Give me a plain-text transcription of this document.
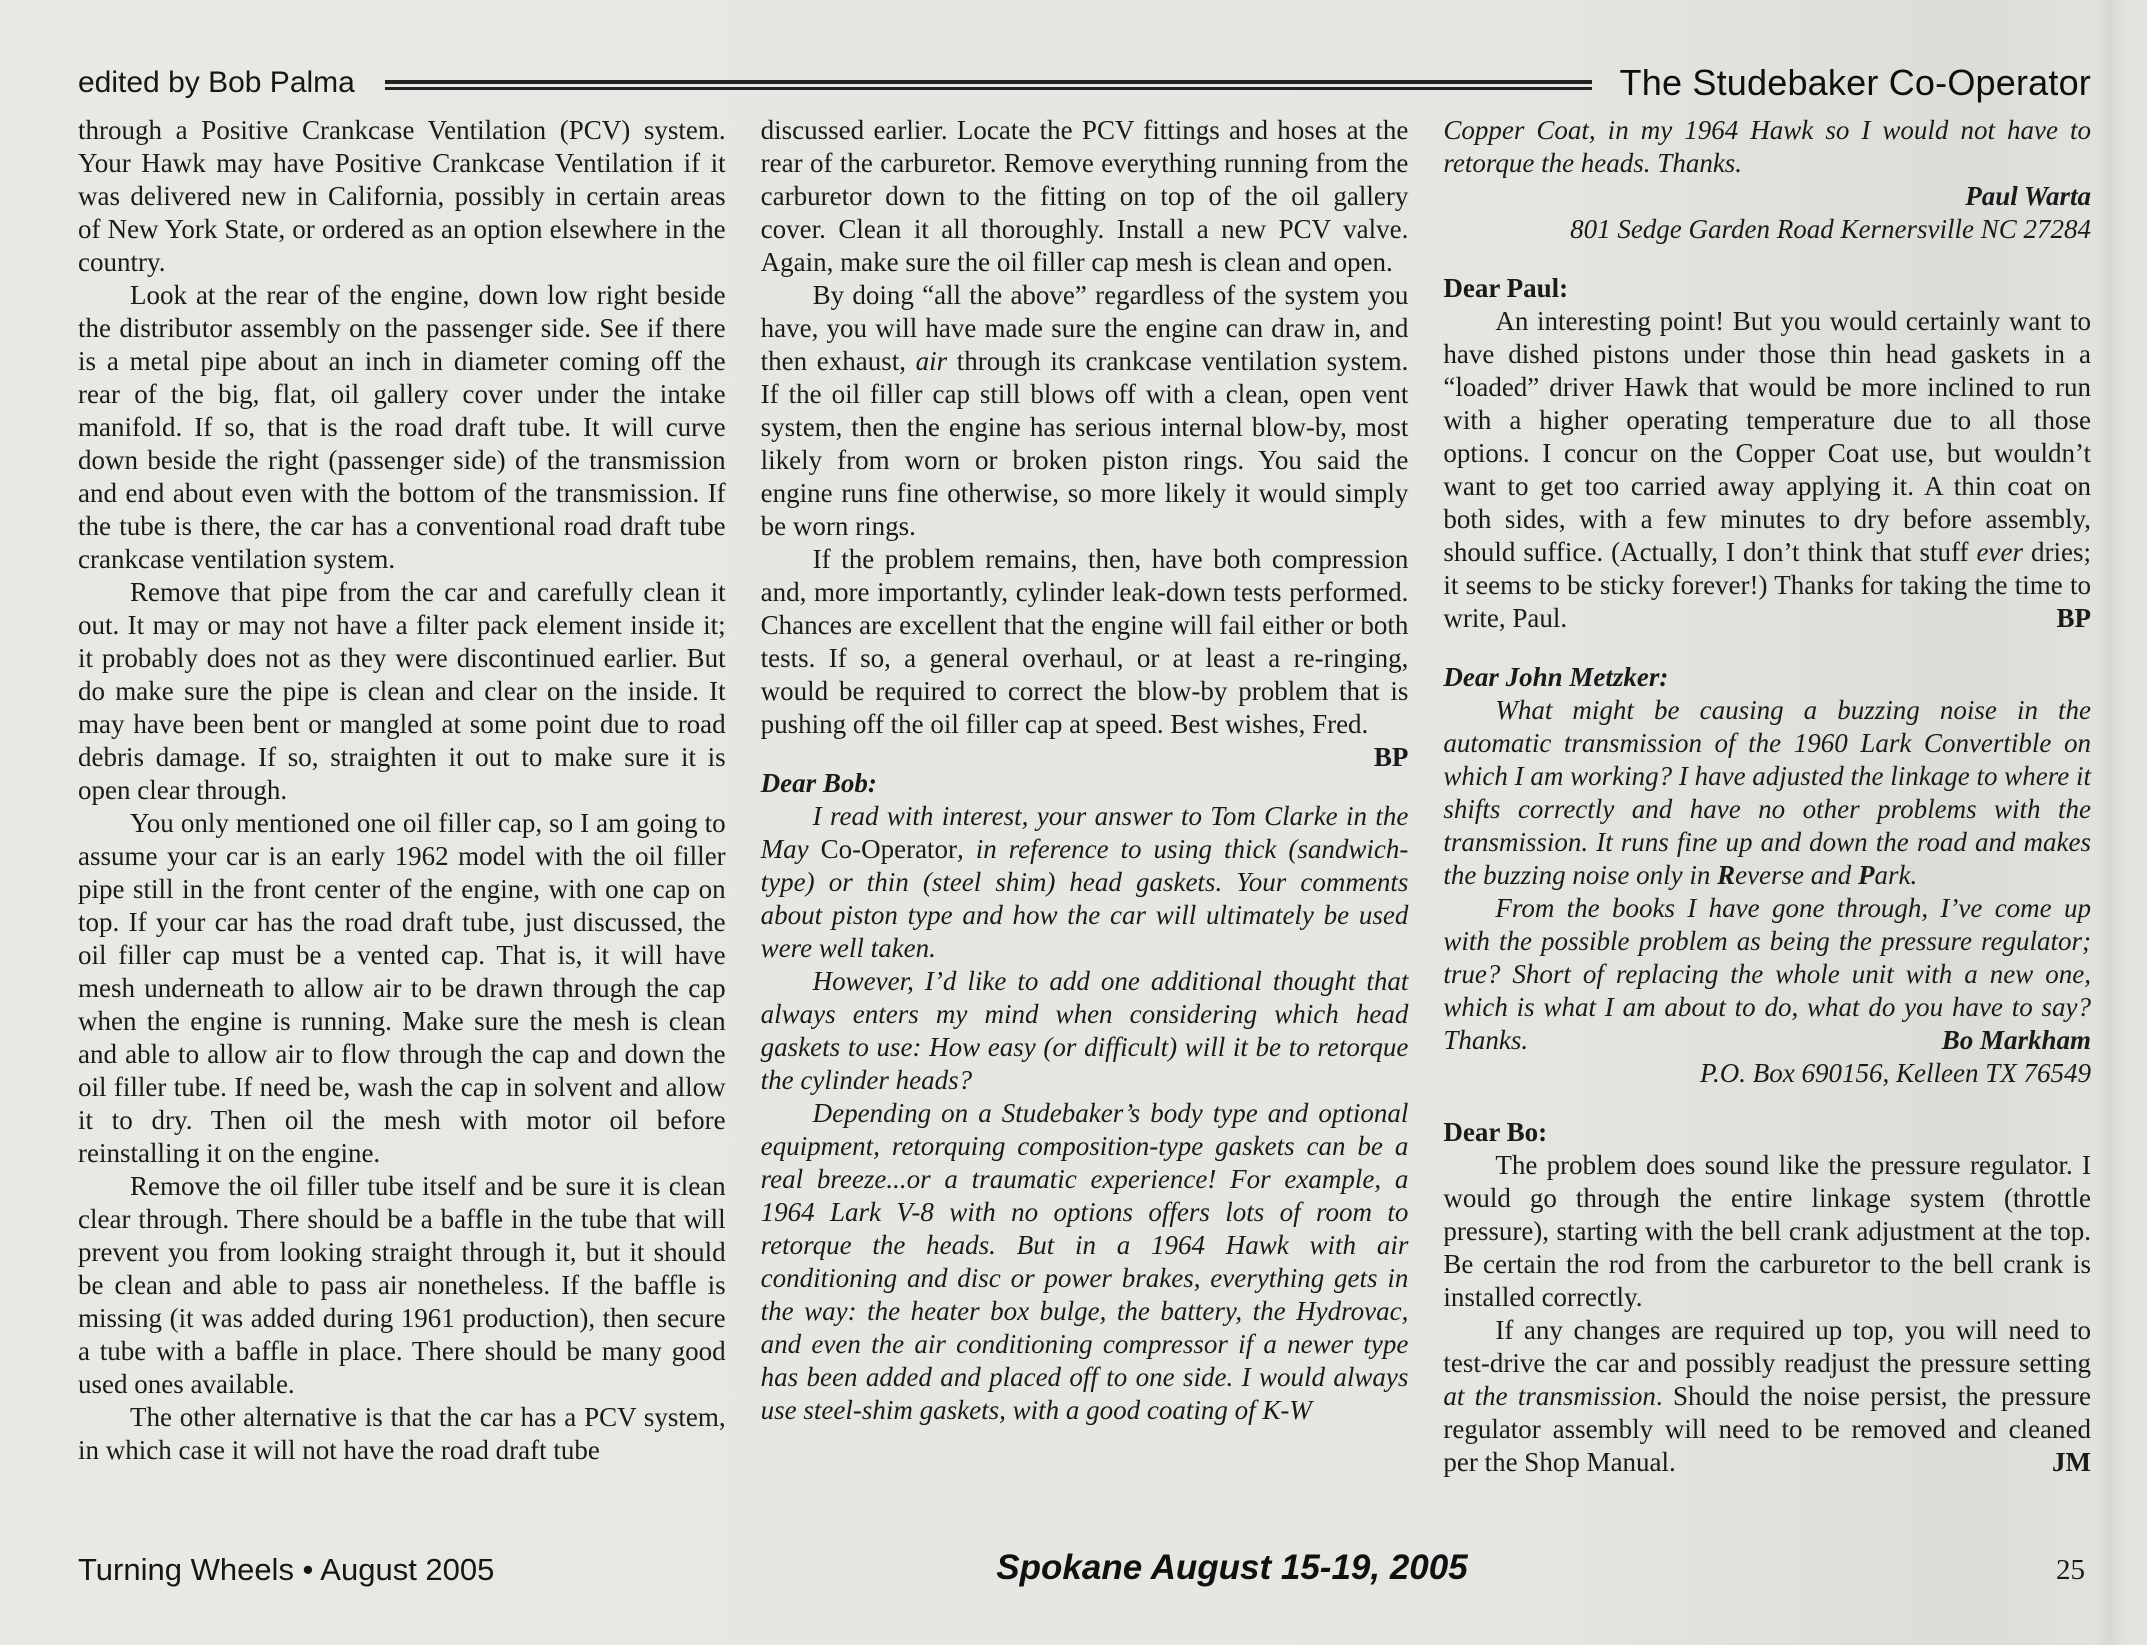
edited by Bob Palma	The Studebaker Co-Operator

through a Positive Crankcase Ventilation (PCV) system. Your Hawk may have Positive Crankcase Ventilation if it was delivered new in California, possibly in certain areas of New York State, or ordered as an option elsewhere in the country.

Look at the rear of the engine, down low right beside the distributor assembly on the passenger side. See if there is a metal pipe about an inch in diameter coming off the rear of the big, flat, oil gallery cover under the intake manifold. If so, that is the road draft tube. It will curve down beside the right (passenger side) of the transmission and end about even with the bottom of the transmission. If the tube is there, the car has a conventional road draft tube crankcase ventilation system.

Remove that pipe from the car and carefully clean it out. It may or may not have a filter pack element inside it; it probably does not as they were discontinued earlier. But do make sure the pipe is clean and clear on the inside. It may have been bent or mangled at some point due to road debris damage. If so, straighten it out to make sure it is open clear through.

You only mentioned one oil filler cap, so I am going to assume your car is an early 1962 model with the oil filler pipe still in the front center of the engine, with one cap on top. If your car has the road draft tube, just discussed, the oil filler cap must be a vented cap. That is, it will have mesh underneath to allow air to be drawn through the cap when the engine is running. Make sure the mesh is clean and able to allow air to flow through the cap and down the oil filler tube. If need be, wash the cap in solvent and allow it to dry. Then oil the mesh with motor oil before reinstalling it on the engine.

Remove the oil filler tube itself and be sure it is clean clear through. There should be a baffle in the tube that will prevent you from looking straight through it, but it should be clean and able to pass air nonetheless. If the baffle is missing (it was added during 1961 production), then secure a tube with a baffle in place. There should be many good used ones available.

The other alternative is that the car has a PCV system, in which case it will not have the road draft tube

discussed earlier. Locate the PCV fittings and hoses at the rear of the carburetor. Remove everything running from the carburetor down to the fitting on top of the oil gallery cover. Clean it all thoroughly. Install a new PCV valve. Again, make sure the oil filler cap mesh is clean and open.

By doing “all the above” regardless of the system you have, you will have made sure the engine can draw in, and then exhaust, air through its crankcase ventilation system. If the oil filler cap still blows off with a clean, open vent system, then the engine has serious internal blow-by, most likely from worn or broken piston rings. You said the engine runs fine otherwise, so more likely it would simply be worn rings.

If the problem remains, then, have both compression and, more importantly, cylinder leak-down tests performed. Chances are excellent that the engine will fail either or both tests. If so, a general overhaul, or at least a re-ringing, would be required to correct the blow-by problem that is pushing off the oil filler cap at speed. Best wishes, Fred.
BP

Dear Bob:

I read with interest, your answer to Tom Clarke in the May Co-Operator, in reference to using thick (sandwich-type) or thin (steel shim) head gaskets. Your comments about piston type and how the car will ultimately be used were well taken.

However, I’d like to add one additional thought that always enters my mind when considering which head gaskets to use: How easy (or difficult) will it be to retorque the cylinder heads?

Depending on a Studebaker’s body type and optional equipment, retorquing composition-type gaskets can be a real breeze...or a traumatic experience! For example, a 1964 Lark V-8 with no options offers lots of room to retorque the heads. But in a 1964 Hawk with air conditioning and disc or power brakes, everything gets in the way: the heater box bulge, the battery, the Hydrovac, and even the air conditioning compressor if a newer type has been added and placed off to one side. I would always use steel-shim gaskets, with a good coating of K-W

Copper Coat, in my 1964 Hawk so I would not have to retorque the heads. Thanks.

Paul Warta

801 Sedge Garden Road Kernersville NC 27284

Dear Paul:

An interesting point! But you would certainly want to have dished pistons under those thin head gaskets in a “loaded” driver Hawk that would be more inclined to run with a higher operating temperature due to all those options. I concur on the Copper Coat use, but wouldn’t want to get too carried away applying it. A thin coat on both sides, with a few minutes to dry before assembly, should suffice. (Actually, I don’t think that stuff ever dries; it seems to be sticky forever!) Thanks for taking the time to write, Paul.	BP

Dear John Metzker:

What might be causing a buzzing noise in the automatic transmission of the 1960 Lark Convertible on which I am working? I have adjusted the linkage to where it shifts correctly and have no other problems with the transmission. It runs fine up and down the road and makes the buzzing noise only in Reverse and Park.

From the books I have gone through, I’ve come up with the possible problem as being the pressure regulator; true? Short of replacing the whole unit with a new one, which is what I am about to do, what do you have to say? Thanks.	Bo Markham

P.O. Box 690156, Kelleen TX 76549

Dear Bo:

The problem does sound like the pressure regulator. I would go through the entire linkage system (throttle pressure), starting with the bell crank adjustment at the top. Be certain the rod from the carburetor to the bell crank is installed correctly.

If any changes are required up top, you will need to test-drive the car and possibly readjust the pressure setting at the transmission. Should the noise persist, the pressure regulator assembly will need to be removed and cleaned per the Shop Manual.	JM

Turning Wheels • August 2005	Spokane August 15-19, 2005	25
